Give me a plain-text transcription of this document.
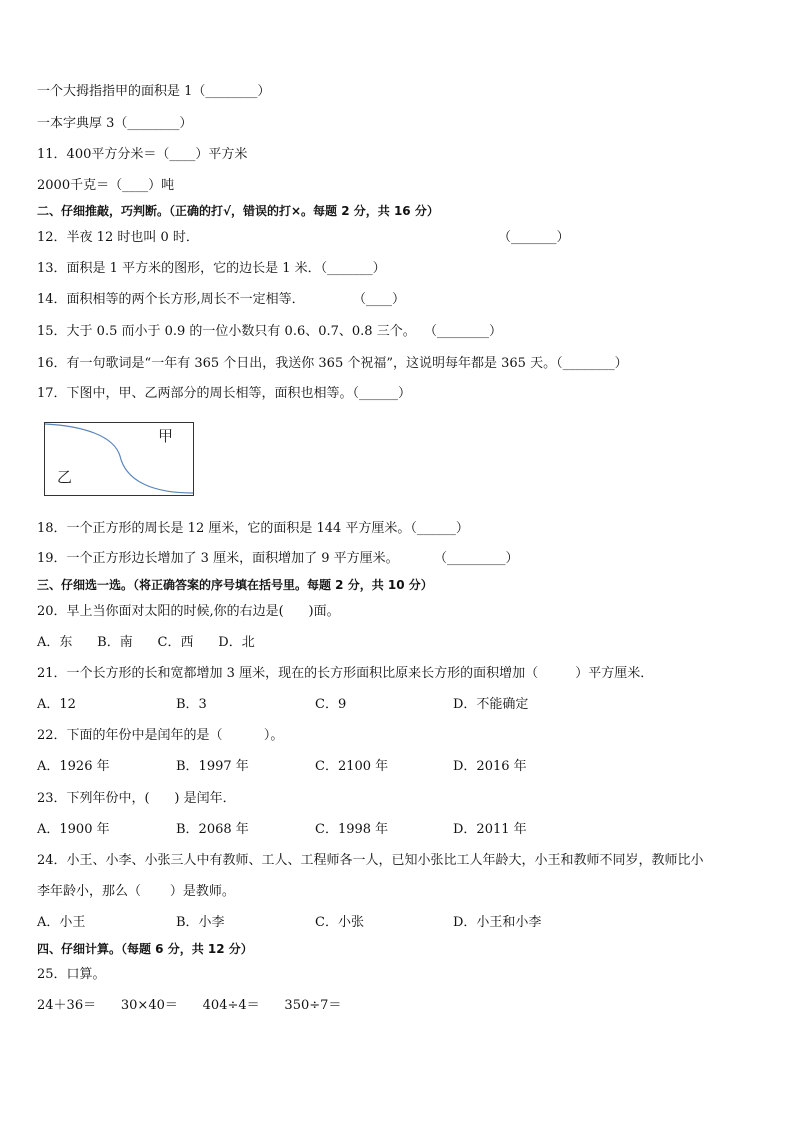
一个大拇指指甲的面积是 1（________）
一本字典厚 3（________）
11．400平方分米＝（____）平方米
2000千克＝（____）吨
二、仔细推敲，巧判断。（正确的打√，错误的打×。每题 2 分，共 16 分）
12．半夜 12 时也叫 0 时．	（_______）
13．面积是 1 平方米的图形，它的边长是 1 米．（_______）
14．面积相等的两个长方形,周长不一定相等．	（____）
15．大于 0.5 而小于 0.9 的一位小数只有 0.6、0.7、0.8 三个。  （________）
16．有一句歌词是“一年有 365 个日出，我送你 365 个祝福”，这说明每年都是 365 天。（________）
17．下图中，甲、乙两部分的周长相等，面积也相等。（______）
甲
乙
18．一个正方形的周长是 12 厘米，它的面积是 144 平方厘米。（______）
19．一个正方形边长增加了 3 厘米，面积增加了 9 平方厘米。	（_________）
三、仔细选一选。（将正确答案的序号填在括号里。每题 2 分，共 10 分）
20．早上当你面对太阳的时候,你的右边是(      )面。
A．东      B．南      C．西      D．北
21．一个长方形的长和宽都增加 3 厘米，现在的长方形面积比原来长方形的面积增加（         ）平方厘米．
A．12	B．3	C．9	D．不能确定
22．下面的年份中是闰年的是（          ）。
A．1926 年	B．1997 年	C．2100 年	D．2016 年
23．下列年份中，(      ) 是闰年．
A．1900 年	B．2068 年	C．1998 年	D．2011 年
24．小王、小李、小张三人中有教师、工人、工程师各一人，已知小张比工人年龄大，小王和教师不同岁，教师比小
李年龄小，那么（       ）是教师。
A．小王	B．小李	C．小张	D．小王和小李
四、仔细计算。（每题 6 分，共 12 分）
25．口算。
24＋36＝      30×40＝      404÷4＝      350÷7＝
